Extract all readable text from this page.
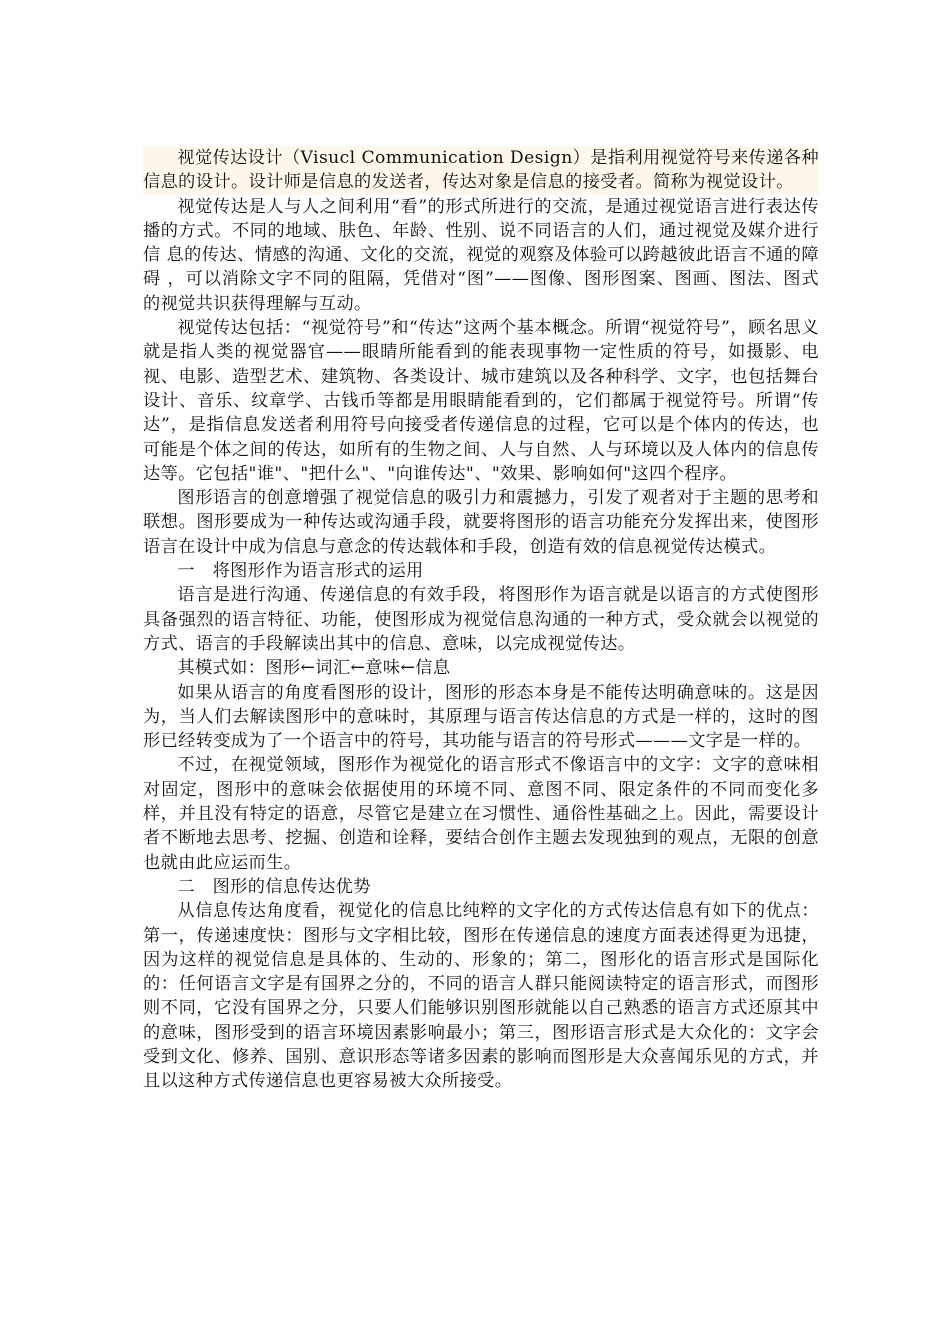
视觉传达设计（Visucl Communication Design）是指利用视觉符号来传递各种信息的设计。设计师是信息的发送者，传达对象是信息的接受者。简称为视觉设计。

视觉传达是人与人之间利用“看”的形式所进行的交流，是通过视觉语言进行表达传播的方式。不同的地域、肤色、年龄、性别、说不同语言的人们，通过视觉及媒介进行信 息的传达、情感的沟通、文化的交流，视觉的观察及体验可以跨越彼此语言不通的障碍 ，可以消除文字不同的阻隔，凭借对“图”——图像、图形图案、图画、图法、图式 的视觉共识获得理解与互动。

视觉传达包括：“视觉符号”和“传达”这两个基本概念。所谓“视觉符号”，顾名思义就是指人类的视觉器官——眼睛所能看到的能表现事物一定性质的符号，如摄影、电视、电影、造型艺术、建筑物、各类设计、城市建筑以及各种科学、文字，也包括舞台设计、音乐、纹章学、古钱币等都是用眼睛能看到的，它们都属于视觉符号。所谓“传达”，是指信息发送者利用符号向接受者传递信息的过程，它可以是个体内的传达，也可能是个体之间的传达，如所有的生物之间、人与自然、人与环境以及人体内的信息传达等。它包括"谁"、"把什么"、"向谁传达"、"效果、影响如何"这四个程序。

图形语言的创意增强了视觉信息的吸引力和震撼力，引发了观者对于主题的思考和联想。图形要成为一种传达或沟通手段，就要将图形的语言功能充分发挥出来，使图形语言在设计中成为信息与意念的传达载体和手段，创造有效的信息视觉传达模式。

一　将图形作为语言形式的运用

语言是进行沟通、传递信息的有效手段，将图形作为语言就是以语言的方式使图形具备强烈的语言特征、功能，使图形成为视觉信息沟通的一种方式，受众就会以视觉的方式、语言的手段解读出其中的信息、意味，以完成视觉传达。

其模式如：图形←词汇←意味←信息

如果从语言的角度看图形的设计，图形的形态本身是不能传达明确意味的。这是因为，当人们去解读图形中的意味时，其原理与语言传达信息的方式是一样的，这时的图形已经转变成为了一个语言中的符号，其功能与语言的符号形式———文字是一样的。

不过，在视觉领域，图形作为视觉化的语言形式不像语言中的文字：文字的意味相对固定，图形中的意味会依据使用的环境不同、意图不同、限定条件的不同而变化多样，并且没有特定的语意，尽管它是建立在习惯性、通俗性基础之上。因此，需要设计者不断地去思考、挖掘、创造和诠释，要结合创作主题去发现独到的观点，无限的创意也就由此应运而生。

二　图形的信息传达优势

从信息传达角度看，视觉化的信息比纯粹的文字化的方式传达信息有如下的优点：第一，传递速度快：图形与文字相比较，图形在传递信息的速度方面表述得更为迅捷，因为这样的视觉信息是具体的、生动的、形象的；第二，图形化的语言形式是国际化的：任何语言文字是有国界之分的，不同的语言人群只能阅读特定的语言形式，而图形则不同，它没有国界之分，只要人们能够识别图形就能以自己熟悉的语言方式还原其中的意味，图形受到的语言环境因素影响最小；第三，图形语言形式是大众化的：文字会受到文化、修养、国别、意识形态等诸多因素的影响而图形是大众喜闻乐见的方式，并且以这种方式传递信息也更容易被大众所接受。
